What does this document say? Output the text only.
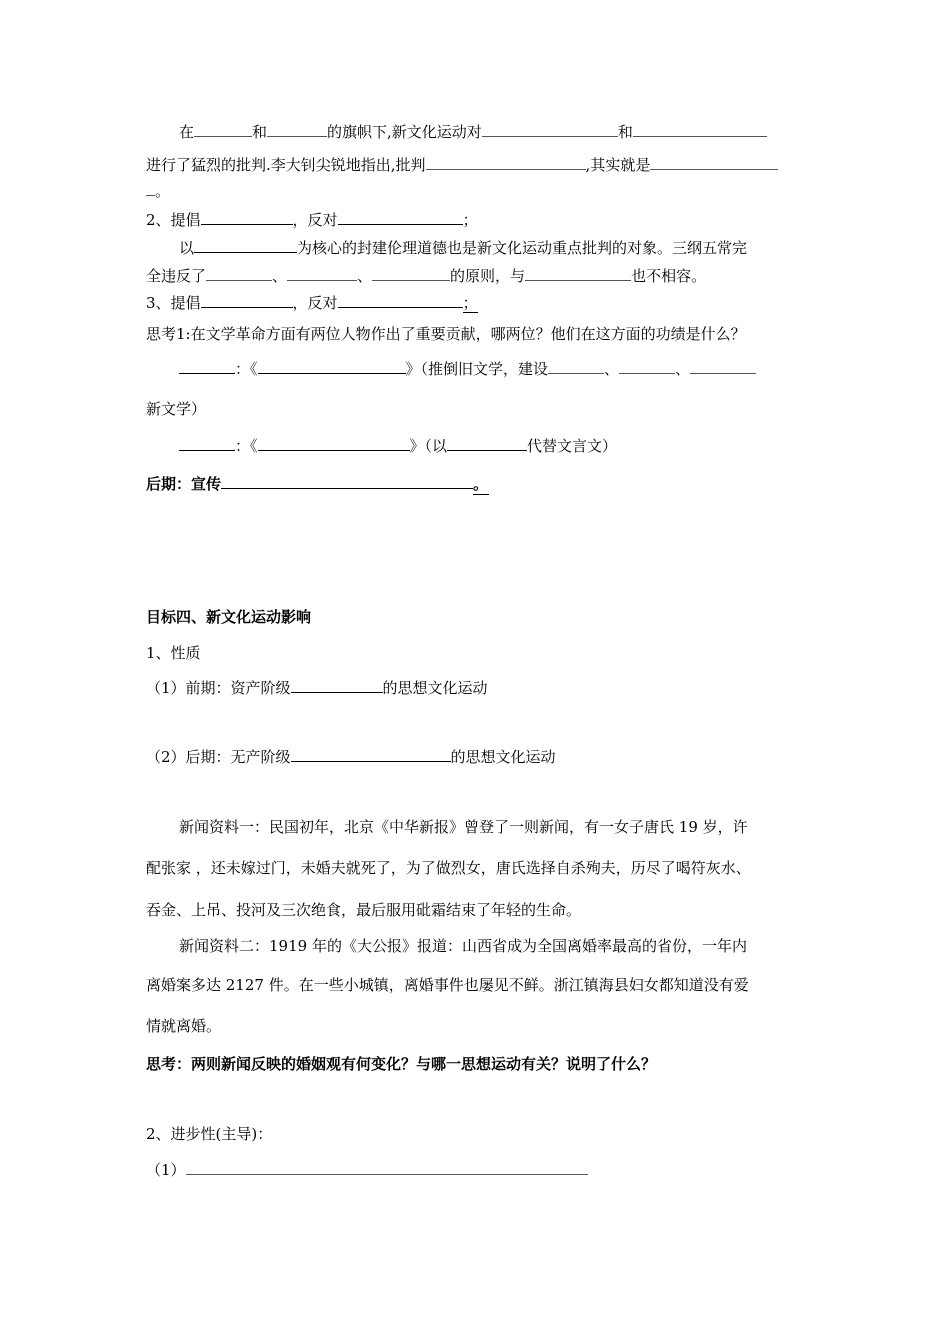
在	和	的旗帜下,新文化运动对	和
进行了猛烈的批判.李大钊尖锐地指出,批判	,其实就是
。
2、提倡	，反对	；
以	为核心的封建伦理道德也是新文化运动重点批判的对象。三纲五常完
全违反了	、	、	的原则，与	也不相容。
3、提倡	，反对	；
思考1:在文学革命方面有两位人物作出了重要贡献，哪两位？他们在这方面的功绩是什么？
：《	》（推倒旧文学，建设	、	、
新文学）
：《	》（以	代替文言文）
后期：宣传	。
目标四、新文化运动影响
1、性质
（1）前期：资产阶级	的思想文化运动
（2）后期：无产阶级	的思想文化运动
新闻资料一：民国初年，北京《中华新报》曾登了一则新闻，有一女子唐氏 19 岁，许
配张家 ，还未嫁过门，未婚夫就死了，为了做烈女，唐氏选择自杀殉夫，历尽了喝符灰水、
吞金、上吊、投河及三次绝食，最后服用砒霜结束了年轻的生命。
新闻资料二：1919 年的《大公报》报道：山西省成为全国离婚率最高的省份，一年内
离婚案多达 2127 件。在一些小城镇，离婚事件也屡见不鲜。浙江镇海县妇女都知道没有爱
情就离婚。
思考：两则新闻反映的婚姻观有何变化？与哪一思想运动有关？说明了什么？
2、进步性(主导)：
（1）
